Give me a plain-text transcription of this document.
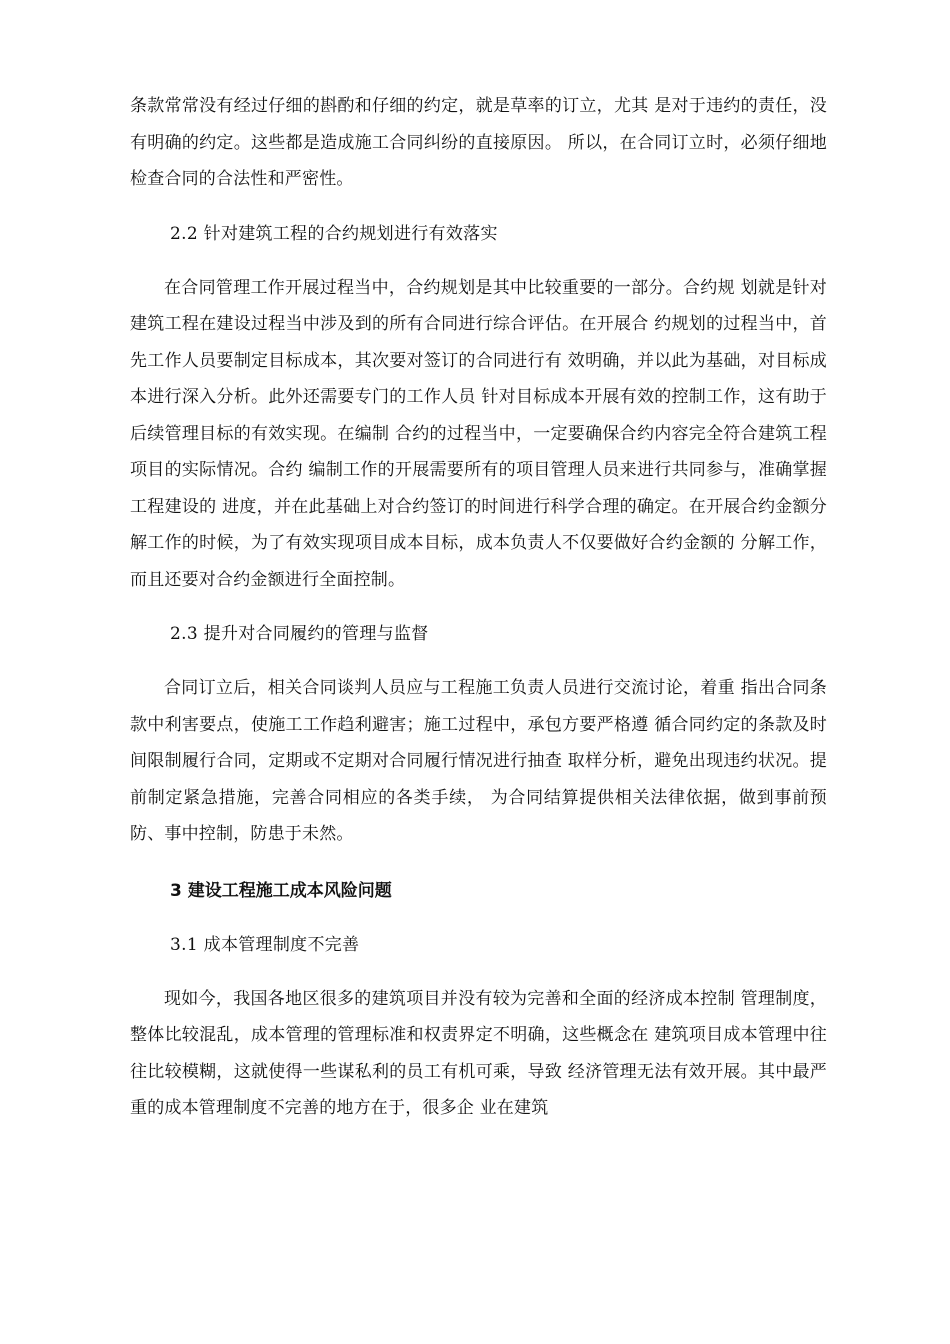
条款常常没有经过仔细的斟酌和仔细的约定，就是草率的订立，尤其 是对于违约的责任，没有明确的约定。这些都是造成施工合同纠纷的直接原因。 所以，在合同订立时，必须仔细地检查合同的合法性和严密性。

2.2 针对建筑工程的合约规划进行有效落实

在合同管理工作开展过程当中，合约规划是其中比较重要的一部分。合约规 划就是针对建筑工程在建设过程当中涉及到的所有合同进行综合评估。在开展合 约规划的过程当中，首先工作人员要制定目标成本，其次要对签订的合同进行有 效明确，并以此为基础，对目标成本进行深入分析。此外还需要专门的工作人员 针对目标成本开展有效的控制工作，这有助于后续管理目标的有效实现。在编制 合约的过程当中，一定要确保合约内容完全符合建筑工程项目的实际情况。合约 编制工作的开展需要所有的项目管理人员来进行共同参与，准确掌握工程建设的 进度，并在此基础上对合约签订的时间进行科学合理的确定。在开展合约金额分 解工作的时候，为了有效实现项目成本目标，成本负责人不仅要做好合约金额的 分解工作，而且还要对合约金额进行全面控制。

2.3 提升对合同履约的管理与监督

合同订立后，相关合同谈判人员应与工程施工负责人员进行交流讨论，着重 指出合同条款中利害要点，使施工工作趋利避害；施工过程中，承包方要严格遵 循合同约定的条款及时间限制履行合同，定期或不定期对合同履行情况进行抽查 取样分析，避免出现违约状况。提前制定紧急措施，完善合同相应的各类手续， 为合同结算提供相关法律依据，做到事前预防、事中控制，防患于未然。

3 建设工程施工成本风险问题

3.1 成本管理制度不完善

现如今，我国各地区很多的建筑项目并没有较为完善和全面的经济成本控制 管理制度，整体比较混乱，成本管理的管理标准和权责界定不明确，这些概念在 建筑项目成本管理中往往比较模糊，这就使得一些谋私利的员工有机可乘，导致 经济管理无法有效开展。其中最严重的成本管理制度不完善的地方在于，很多企 业在建筑
